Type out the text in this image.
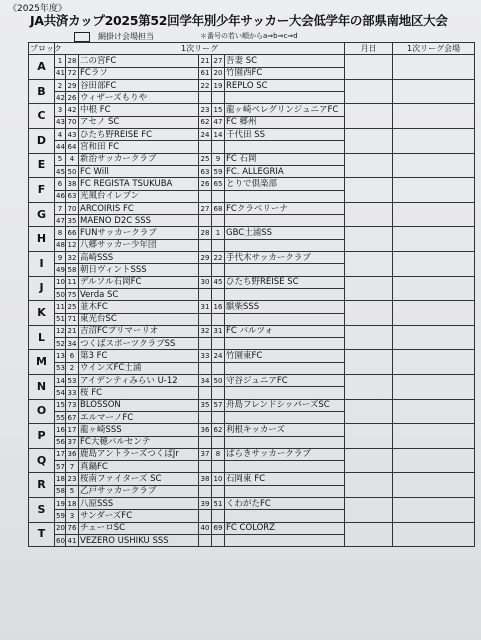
《2025年度》
JA共済カップ2025第52回学年別少年サッカー大会低学年の部県南地区大会
網掛け会場担当	＊番号の若い順からa⇒b⇒c⇒d
ブロック	1次リーグ						月日	1次リーグ会場
A	1	28	二の宮FC	21	27	吾妻 SC		
	41	72	FCラソ	61	20	竹園西FC		
B	2	29	谷田部FC	22	19	REPLO SC		
	42	26	ウィザーズもりや					
C	3	42	中根 FC	23	15	龍ヶ崎ベレグリンジュニアFC		
	43	70	アセノ SC	62	47	FC 郷州		
D	4	43	ひたち野REISE FC	24	14	千代田 SS		
	44	64	宮和田 FC					
E	5	4	新治サッカークラブ	25	9	FC 石岡		
	45	50	FC Will	63	59	FC. ALLEGRIA		
F	6	38	FC REGISTA TSUKUBA	26	65	とりで倶楽部		
	46	63	光風台イレブン					
G	7	70	ARCOIRIS FC	27	68	FCクラベリーナ		
	47	35	MAENO D2C SSS					
H	8	66	FUNサッカークラブ	28	1	GBC土浦SS		
	48	12	八郷サッカー少年団					
I	9	32	高崎SSS	29	22	手代木サッカークラブ		
	49	58	朝日ヴィントSSS					
J	10	11	デルソル石岡FC	30	45	ひたち野REISE SC		
	50	75	Verda SC					
K	11	25	並木FC	31	16	騏柴SSS		
	51	71	東光台SC					
L	12	21	吉沼FCプリマーリオ	32	31	FC バルツォ		
	52	34	つくばスポーツクラブSS					
M	13	6	第3 FC	33	24	竹園東FC		
	53	2	ウインズFC土浦					
N	14	53	アイデンティみらい U-12	34	50	守谷ジュニアFC		
	54	33	桜 FC					
O	15	73	BLOSSON	35	57	舟島フレンドシッパーズSC		
	55	67	エルマーノFC					
P	16	17	龍ヶ崎SSS	36	62	利根キッカーズ		
	56	37	FC大穂バルセンテ					
Q	17	36	鹿島アントラーズつくばJr	37	8	ぱらきサッカークラブ		
	57	7	真鍋FC					
R	18	23	桜南ファイターズ SC	38	10	石岡東 FC		
	58	5	乙戸サッカークラブ					
S	19	18	八原SSS	39	51	くわがたFC		
	59	3	サンダーズFC					
T	20	76	チェーロSC	40	69	FC COLORZ		
	60	41	VEZERO USHIKU SSS					
